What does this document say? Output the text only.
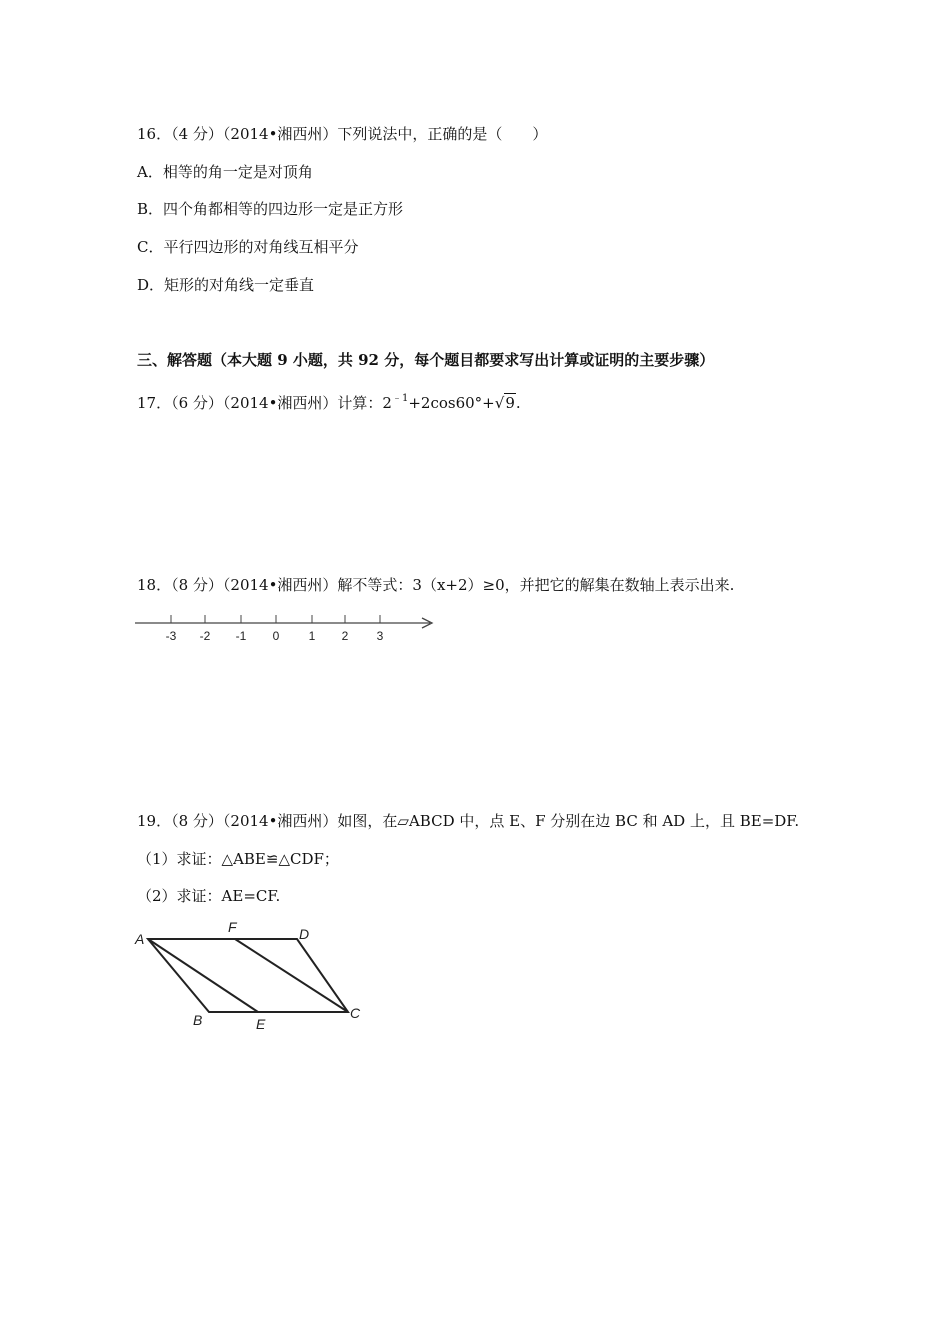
16．（4 分）（2014•湘西州）下列说法中，正确的是（　　）
A．相等的角一定是对顶角
B．四个角都相等的四边形一定是正方形
C．平行四边形的对角线互相平分
D．矩形的对角线一定垂直
三、解答题（本大题 9 小题，共 92 分，每个题目都要求写出计算或证明的主要步骤）
17．（6 分）（2014•湘西州）计算：$2^{﹣1}+2\cos 60^\circ+√9$.
18．（8 分）（2014•湘西州）解不等式：3（x+2）≥0，并把它的解集在数轴上表示出来.
-3 -2 -1 0 1 2 3
19．（8 分）（2014•湘西州）如图，在▱ABCD 中，点 E、F 分别在边 BC 和 AD 上，且 BE=DF.
（1）求证：△ABE≌△CDF；
（2）求证：AE=CF.
A
F	D
B	E
C
